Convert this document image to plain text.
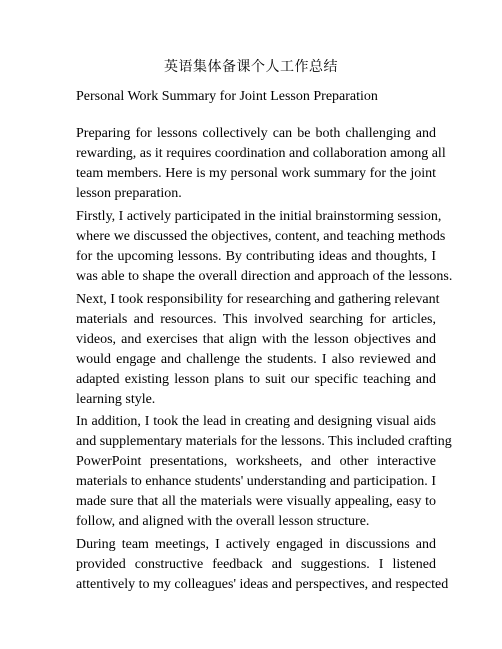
英语集体备课个人工作总结
Personal Work Summary for Joint Lesson Preparation

Preparing for lessons collectively can be both challenging and
rewarding, as it requires coordination and collaboration among all
team members. Here is my personal work summary for the joint
lesson preparation.

Firstly, I actively participated in the initial brainstorming session,
where we discussed the objectives, content, and teaching methods
for the upcoming lessons. By contributing ideas and thoughts, I
was able to shape the overall direction and approach of the lessons.

Next, I took responsibility for researching and gathering relevant
materials and resources. This involved searching for articles,
videos, and exercises that align with the lesson objectives and
would engage and challenge the students. I also reviewed and
adapted existing lesson plans to suit our specific teaching and
learning style.

In addition, I took the lead in creating and designing visual aids
and supplementary materials for the lessons. This included crafting
PowerPoint presentations, worksheets, and other interactive
materials to enhance students' understanding and participation. I
made sure that all the materials were visually appealing, easy to
follow, and aligned with the overall lesson structure.

During team meetings, I actively engaged in discussions and
provided constructive feedback and suggestions. I listened
attentively to my colleagues' ideas and perspectives, and respected
